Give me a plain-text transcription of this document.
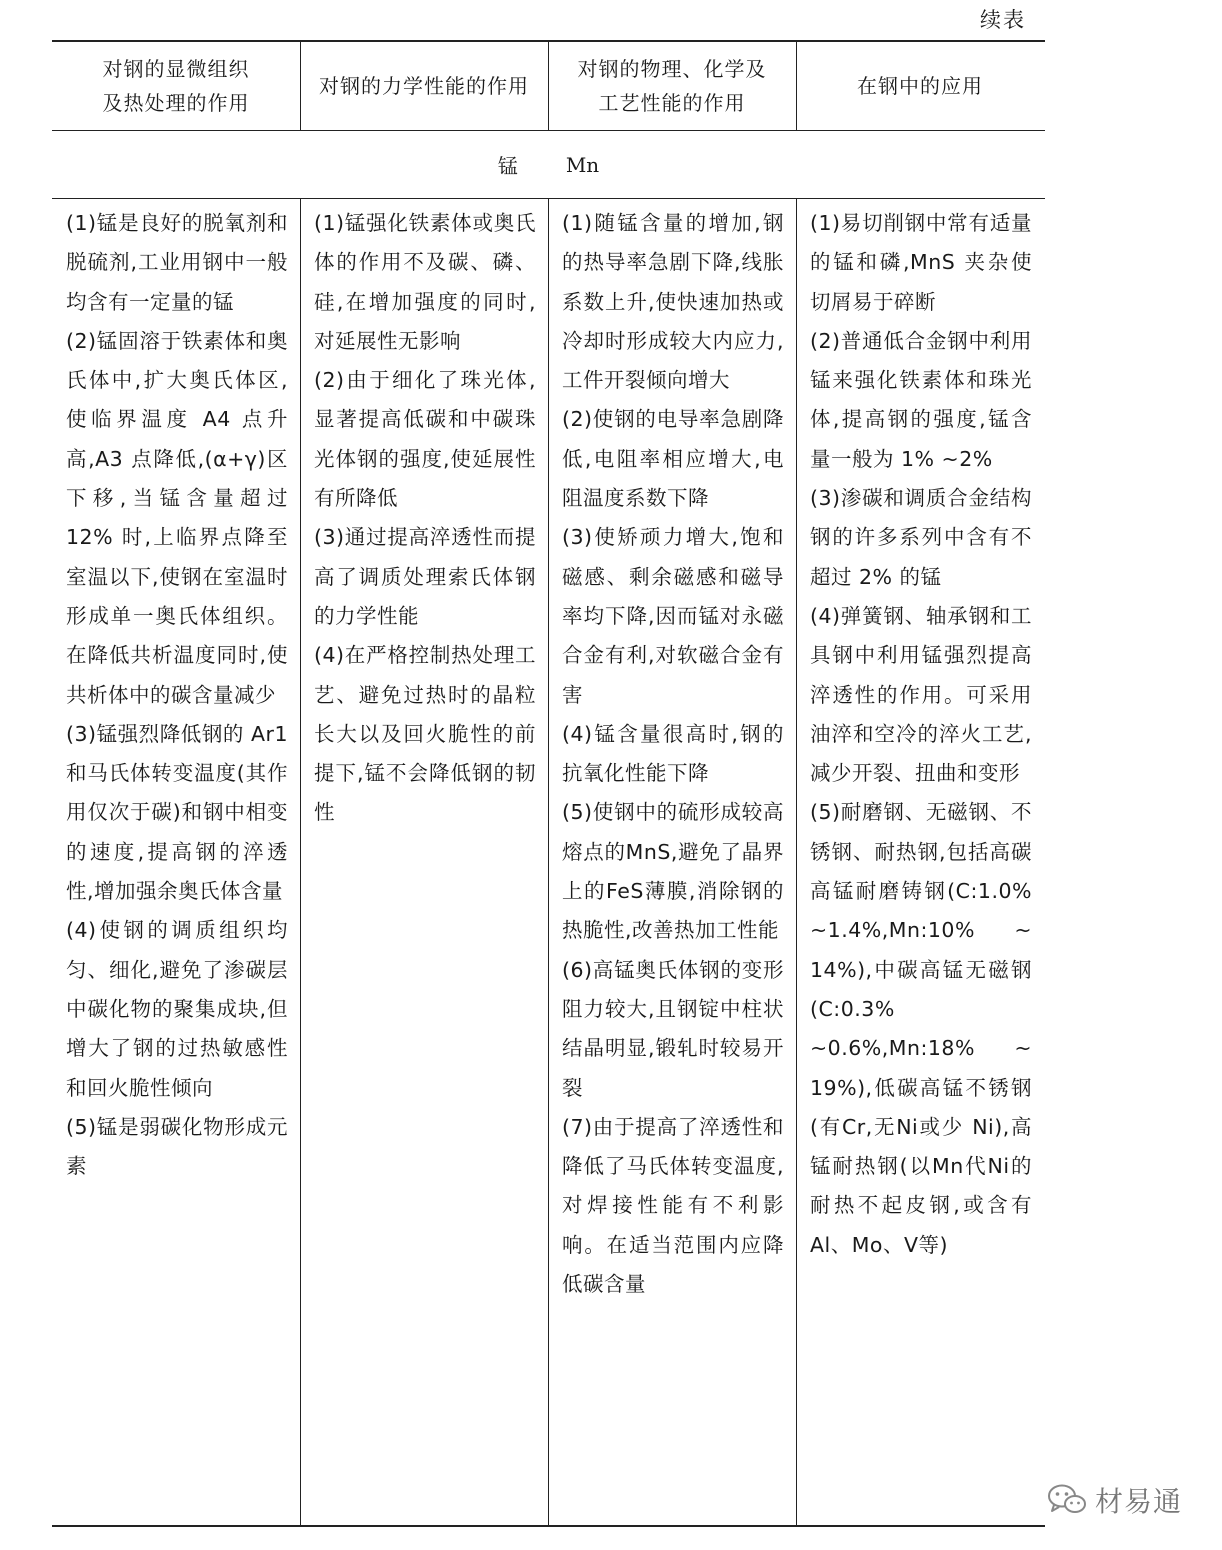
续表
对钢的显微组织
及热处理的作用
对钢的力学性能的作用
对钢的物理、化学及
工艺性能的作用
在钢中的应用
锰 Mn

(1)锰是良好的脱氧剂和脱硫剂,工业用钢中一般均含有一定量的锰

(2)锰固溶于铁素体和奥氏体中,扩大奥氏体区,使临界温度 A4 点升高,A3 点降低,(α+γ)区下移,当锰含量超过 12% 时,上临界点降至室温以下,使钢在室温时形成单一奥氏体组织。在降低共析温度同时,使共析体中的碳含量减少

(3)锰强烈降低钢的 Ar1 和马氏体转变温度(其作用仅次于碳)和钢中相变的速度,提高钢的淬透性,增加强余奥氏体含量

(4)使钢的调质组织均匀、细化,避免了渗碳层中碳化物的聚集成块,但增大了钢的过热敏感性和回火脆性倾向

(5)锰是弱碳化物形成元素

(1)锰强化铁素体或奥氏体的作用不及碳、磷、硅,在增加强度的同时,对延展性无影响

(2)由于细化了珠光体,显著提高低碳和中碳珠光体钢的强度,使延展性有所降低

(3)通过提高淬透性而提高了调质处理索氏体钢的力学性能

(4)在严格控制热处理工艺、避免过热时的晶粒长大以及回火脆性的前提下,锰不会降低钢的韧性

(1)随锰含量的增加,钢的热导率急剧下降,线胀系数上升,使快速加热或冷却时形成较大内应力,工件开裂倾向增大

(2)使钢的电导率急剧降低,电阻率相应增大,电阻温度系数下降

(3)使矫顽力增大,饱和磁感、剩余磁感和磁导率均下降,因而锰对永磁合金有利,对软磁合金有害

(4)锰含量很高时,钢的抗氧化性能下降

(5)使钢中的硫形成较高熔点的MnS,避免了晶界上的FeS薄膜,消除钢的热脆性,改善热加工性能

(6)高锰奥氏体钢的变形阻力较大,且钢锭中柱状结晶明显,锻轧时较易开裂

(7)由于提高了淬透性和降低了马氏体转变温度,对焊接性能有不利影响。在适当范围内应降低碳含量

(1)易切削钢中常有适量的锰和磷,MnS 夹杂使切屑易于碎断

(2)普通低合金钢中利用锰来强化铁素体和珠光体,提高钢的强度,锰含量一般为 1% ~2%

(3)渗碳和调质合金结构钢的许多系列中含有不超过 2% 的锰

(4)弹簧钢、轴承钢和工具钢中利用锰强烈提高淬透性的作用。可采用油淬和空冷的淬火工艺,减少开裂、扭曲和变形

(5)耐磨钢、无磁钢、不锈钢、耐热钢,包括高碳高锰耐磨铸钢(C:1.0% ~1.4%,Mn:10% ~ 14%),中碳高锰无磁钢(C:0.3% ~0.6%,Mn:18% ~ 19%),低碳高锰不锈钢(有Cr,无Ni或少 Ni),高锰耐热钢(以Mn代Ni的耐热不起皮钢,或含有 Al、Mo、V等)

材易通
